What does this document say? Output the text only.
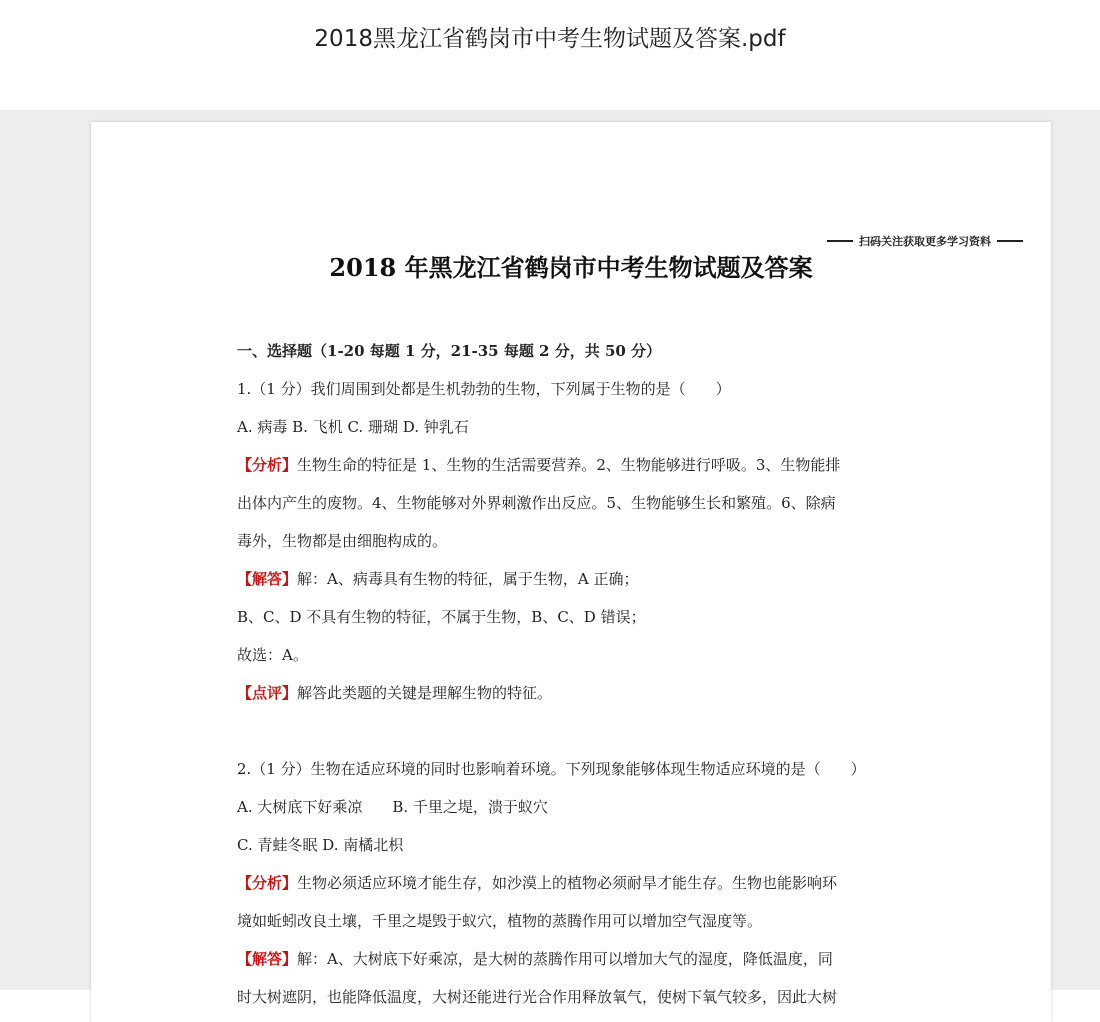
2018黑龙江省鹤岗市中考生物试题及答案.pdf
扫码关注获取更多学习资料
2018 年黑龙江省鹤岗市中考生物试题及答案
一、选择题（1-20 每题 1 分，21-35 每题 2 分，共 50 分）
1.（1 分）我们周围到处都是生机勃勃的生物，下列属于生物的是（　　）
A. 病毒 B. 飞机 C. 珊瑚 D. 钟乳石
【分析】生物生命的特征是 1、生物的生活需要营养。2、生物能够进行呼吸。3、生物能排
出体内产生的废物。4、生物能够对外界刺激作出反应。5、生物能够生长和繁殖。6、除病
毒外，生物都是由细胞构成的。
【解答】解：A、病毒具有生物的特征，属于生物，A 正确；
B、C、D 不具有生物的特征，不属于生物，B、C、D 错误；
故选：A。
【点评】解答此类题的关键是理解生物的特征。
2.（1 分）生物在适应环境的同时也影响着环境。下列现象能够体现生物适应环境的是（　　）
A. 大树底下好乘凉　　B. 千里之堤，溃于蚁穴
C. 青蛙冬眠 D. 南橘北枳
【分析】生物必须适应环境才能生存，如沙漠上的植物必须耐旱才能生存。生物也能影响环
境如蚯蚓改良土壤，千里之堤毁于蚁穴，植物的蒸腾作用可以增加空气湿度等。
【解答】解：A、大树底下好乘凉，是大树的蒸腾作用可以增加大气的湿度，降低温度，同
时大树遮阴，也能降低温度，大树还能进行光合作用释放氧气，使树下氧气较多，因此大树
